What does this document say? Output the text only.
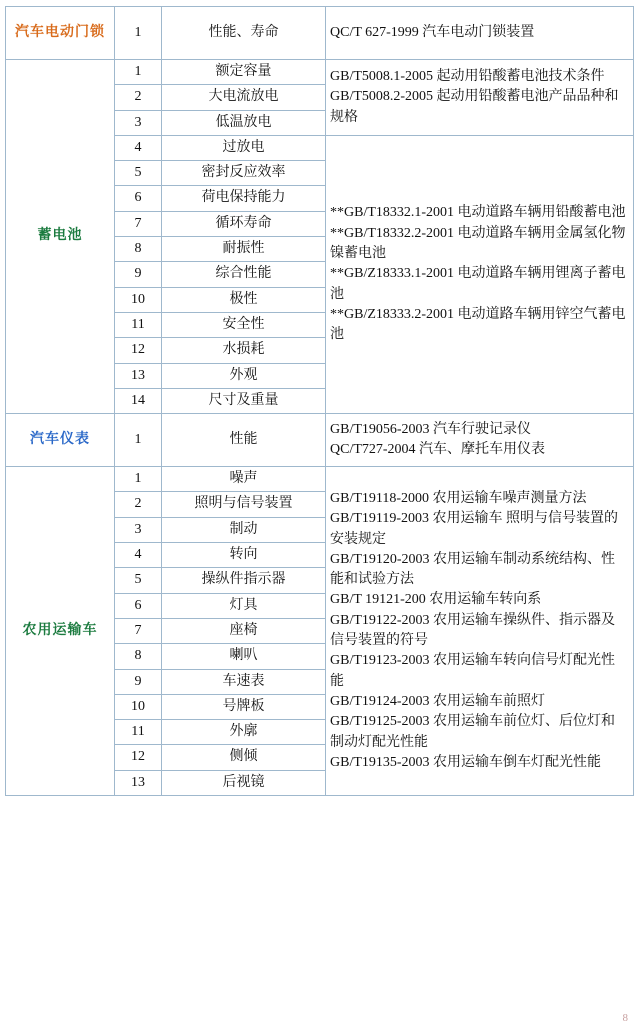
汽车电动门锁	1	性能、寿命	QC/T 627-1999 汽车电动门锁装置

蓄电池	1	额定容量	GB/T5008.1-2005 起动用铅酸蓄电池技术条件
GB/T5008.2-2005 起动用铅酸蓄电池产品品种和规格

	2	大电流放电	
	3	低温放电	
	4	过放电	**GB/T18332.1-2001 电动道路车辆用铅酸蓄电池
**GB/T18332.2-2001 电动道路车辆用金属氢化物镍蓄电池
**GB/Z18333.1-2001 电动道路车辆用锂离子蓄电池
**GB/Z18333.2-2001 电动道路车辆用锌空气蓄电池

	5	密封反应效率	
	6	荷电保持能力	
	7	循环寿命	
	8	耐振性	
	9	综合性能	
	10	极性	
	11	安全性	
	12	水损耗	
	13	外观	
	14	尺寸及重量	
汽车仪表	1	性能	GB/T19056-2003 汽车行驶记录仪
QC/T727-2004 汽车、摩托车用仪表

农用运输车	1	噪声	
GB/T19118-2000 农用运输车噪声测量方法
GB/T19119-2003 农用运输车 照明与信号装置的安装规定
GB/T19120-2003 农用运输车制动系统结构、性能和试验方法
GB/T 19121-200 农用运输车转向系
GB/T19122-2003 农用运输车操纵件、指示器及信号装置的符号
GB/T19123-2003 农用运输车转向信号灯配光性能
GB/T19124-2003 农用运输车前照灯
GB/T19125-2003 农用运输车前位灯、后位灯和制动灯配光性能
GB/T19135-2003 农用运输车倒车灯配光性能

	2	照明与信号装置	
	3	制动	
	4	转向	
	5	操纵件指示器	
	6	灯具	
	7	座椅	
	8	喇叭	
	9	车速表	
	10	号牌板	
	11	外廓	
	12	侧倾	
	13	后视镜	
8
